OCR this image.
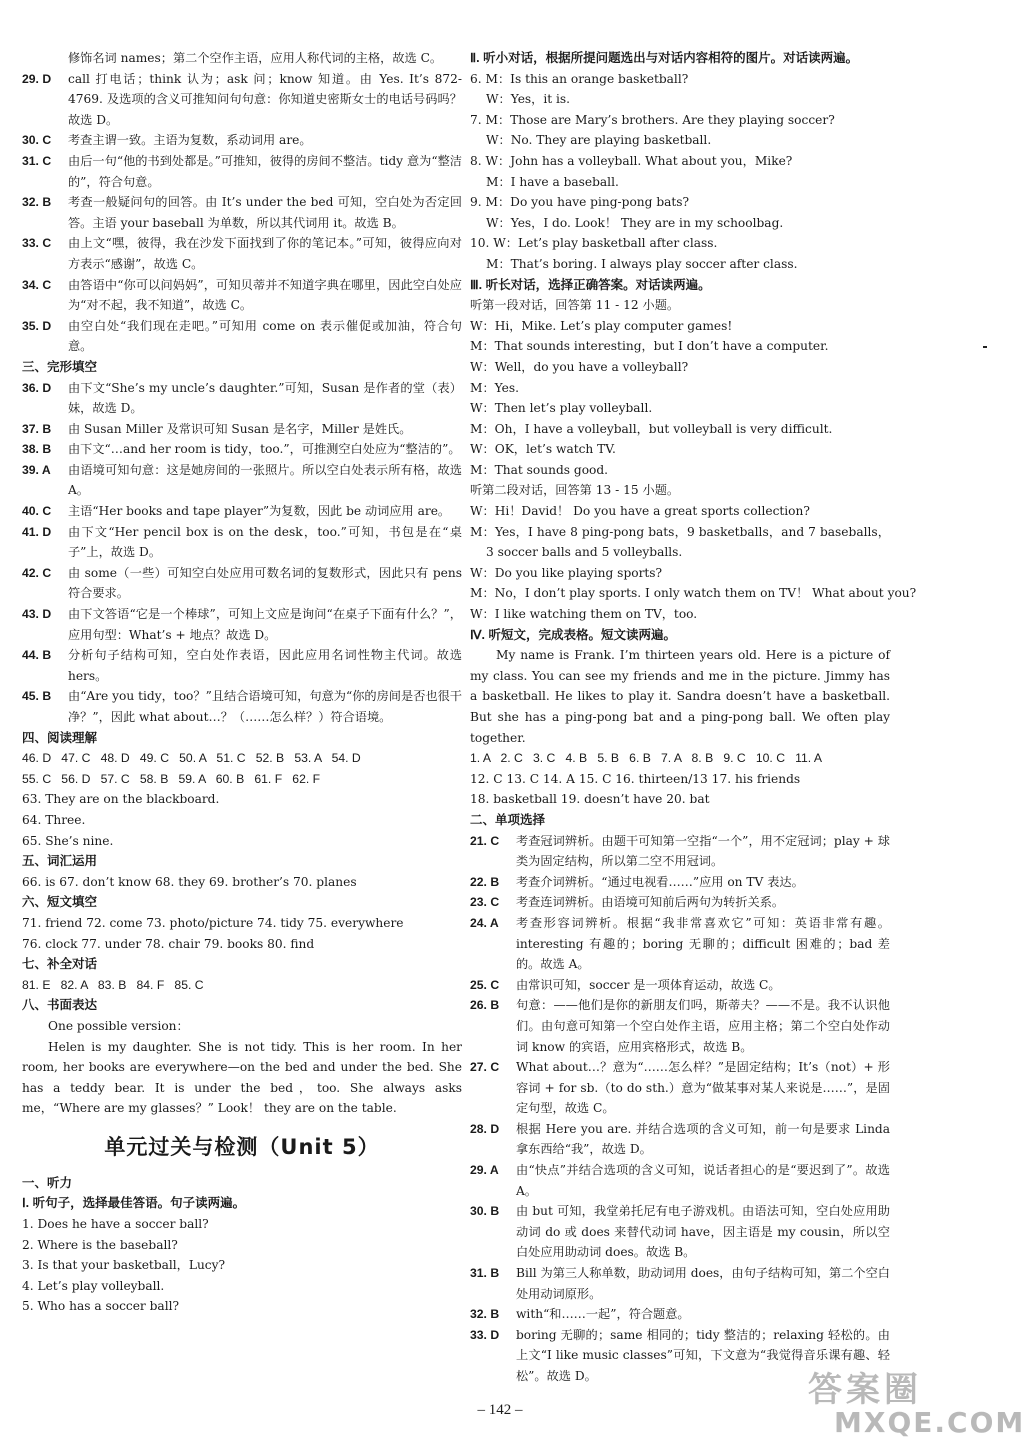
修饰名词 names；第二个空作主语，应用人称代词的主格，故选 C。
29. D	call 打电话；think 认为；ask 问；know 知道。由 Yes. It’s 872-4769. 及选项的含义可推知问句句意：你知道史密斯女士的电话号码吗？故选 D。
30. C	考查主谓一致。主语为复数，系动词用 are。
31. C	由后一句“他的书到处都是。”可推知，彼得的房间不整洁。tidy 意为“整洁的”，符合句意。
32. B	考查一般疑问句的回答。由 It’s under the bed 可知，空白处为否定回答。主语 your baseball 为单数，所以其代词用 it。故选 B。
33. C	由上文“嘿，彼得，我在沙发下面找到了你的笔记本。”可知，彼得应向对方表示“感谢”，故选 C。
34. C	由答语中“你可以问妈妈”，可知贝蒂并不知道字典在哪里，因此空白处应为“对不起，我不知道”，故选 C。
35. D	由空白处“我们现在走吧。”可知用 come on 表示催促或加油，符合句意。
三、完形填空
36. D	由下文“She’s my uncle’s daughter.”可知，Susan 是作者的堂（表）妹，故选 D。
37. B	由 Susan Miller 及常识可知 Susan 是名字，Miller 是姓氏。
38. B	由下文“…and her room is tidy，too.”，可推测空白处应为“整洁的”。
39. A	由语境可知句意：这是她房间的一张照片。所以空白处表示所有格，故选 A。
40. C	主语“Her books and tape player”为复数，因此 be 动词应用 are。
41. D	由下文“Her pencil box is on the desk，too.”可知，书包是在“桌子”上，故选 D。
42. C	由 some（一些）可知空白处应用可数名词的复数形式，因此只有 pens 符合要求。
43. D	由下文答语“它是一个棒球”，可知上文应是询问“在桌子下面有什么？”，应用句型：What’s + 地点？故选 D。
44. B	分析句子结构可知，空白处作表语，因此应用名词性物主代词。故选 hers。
45. B	由“Are you tidy，too？”且结合语境可知，句意为“你的房间是否也很干净？”，因此 what about…？（……怎么样？）符合语境。
四、阅读理解
46. D   47. C   48. D   49. C   50. A   51. C   52. B   53. A   54. D
55. C   56. D   57. C   58. B   59. A   60. B   61. F   62. F
63. They are on the blackboard.
64. Three.
65. She’s nine.
五、词汇运用
66. is 67. don’t know 68. they 69. brother’s 70. planes
六、短文填空
71. friend 72. come 73. photo/picture 74. tidy 75. everywhere
76. clock 77. under 78. chair 79. books 80. find
七、补全对话
81. E   82. A   83. B   84. F   85. C
八、书面表达
One possible version：
Helen is my daughter. She is not tidy. This is her room. In her room, her books are everywhere—on the bed and under the bed. She has a teddy bear. It is under the bed，too. She always asks me，“Where are my glasses？” Look！ they are on the table.
单元过关与检测（Unit 5）
一、听力
Ⅰ. 听句子，选择最佳答语。句子读两遍。
1. Does he have a soccer ball?
2. Where is the baseball?
3. Is that your basketball，Lucy?
4. Let’s play volleyball.
5. Who has a soccer ball?
Ⅱ. 听小对话，根据所提问题选出与对话内容相符的图片。对话读两遍。
6. M：Is this an orange basketball?
W：Yes，it is.
7. M：Those are Mary’s brothers. Are they playing soccer?
W：No. They are playing basketball.
8. W：John has a volleyball. What about you，Mike?
M：I have a baseball.
9. M：Do you have ping-pong bats?
W：Yes，I do. Look！ They are in my schoolbag.
10. W：Let’s play basketball after class.
M：That’s boring. I always play soccer after class.
Ⅲ. 听长对话，选择正确答案。对话读两遍。
听第一段对话，回答第 11 - 12 小题。
W：Hi，Mike. Let’s play computer games!
M：That sounds interesting，but I don’t have a computer.
W：Well，do you have a volleyball?
M：Yes.
W：Then let’s play volleyball.
M：Oh，I have a volleyball，but volleyball is very difficult.
W：OK，let’s watch TV.
M：That sounds good.
听第二段对话，回答第 13 - 15 小题。
W：Hi！David！ Do you have a great sports collection?
M：Yes，I have 8 ping-pong bats，9 basketballs，and 7 baseballs，3 soccer balls and 5 volleyballs.
W：Do you like playing sports?
M：No，I don’t play sports. I only watch them on TV！ What about you?
W：I like watching them on TV，too.
Ⅳ. 听短文，完成表格。短文读两遍。
My name is Frank. I’m thirteen years old. Here is a picture of my class. You can see my friends and me in the picture. Jimmy has a basketball. He likes to play it. Sandra doesn’t have a basketball. But she has a ping-pong bat and a ping-pong ball. We often play together.
1. A   2. C   3. C   4. B   5. B   6. B   7. A   8. B   9. C   10. C   11. A
12. C 13. C 14. A 15. C 16. thirteen/13 17. his friends
18. basketball 19. doesn’t have 20. bat
二、单项选择
21. C	考查冠词辨析。由题干可知第一空指“一个”，用不定冠词；play + 球类为固定结构，所以第二空不用冠词。
22. B	考查介词辨析。“通过电视看……”应用 on TV 表达。
23. C	考查连词辨析。由语境可知前后两句为转折关系。
24. A	考查形容词辨析。根据“我非常喜欢它”可知：英语非常有趣。interesting 有趣的；boring 无聊的；difficult 困难的；bad 差的。故选 A。
25. C	由常识可知，soccer 是一项体育运动，故选 C。
26. B	句意：——他们是你的新朋友们吗，斯蒂夫？——不是。我不认识他们。由句意可知第一个空白处作主语，应用主格；第二个空白处作动词 know 的宾语，应用宾格形式，故选 B。
27. C	What about…？意为“……怎么样？”是固定结构；It’s（not）+ 形容词 + for sb.（to do sth.）意为“做某事对某人来说是……”，是固定句型，故选 C。
28. D	根据 Here you are. 并结合选项的含义可知，前一句是要求 Linda 拿东西给“我”，故选 D。
29. A	由“快点”并结合选项的含义可知，说话者担心的是“要迟到了”。故选 A。
30. B	由 but 可知，我堂弟托尼有电子游戏机。由语法可知，空白处应用助动词 do 或 does 来替代动词 have，因主语是 my cousin，所以空白处应用助动词 does。故选 B。
31. B	Bill 为第三人称单数，助动词用 does，由句子结构可知，第二个空白处用动词原形。
32. B	with“和……一起”，符合题意。
33. D	boring 无聊的；same 相同的；tidy 整洁的；relaxing 轻松的。由上文“I like music classes”可知，下文意为“我觉得音乐课有趣、轻松”。故选 D。
– 142 –	答案圈
MXQE.COM
